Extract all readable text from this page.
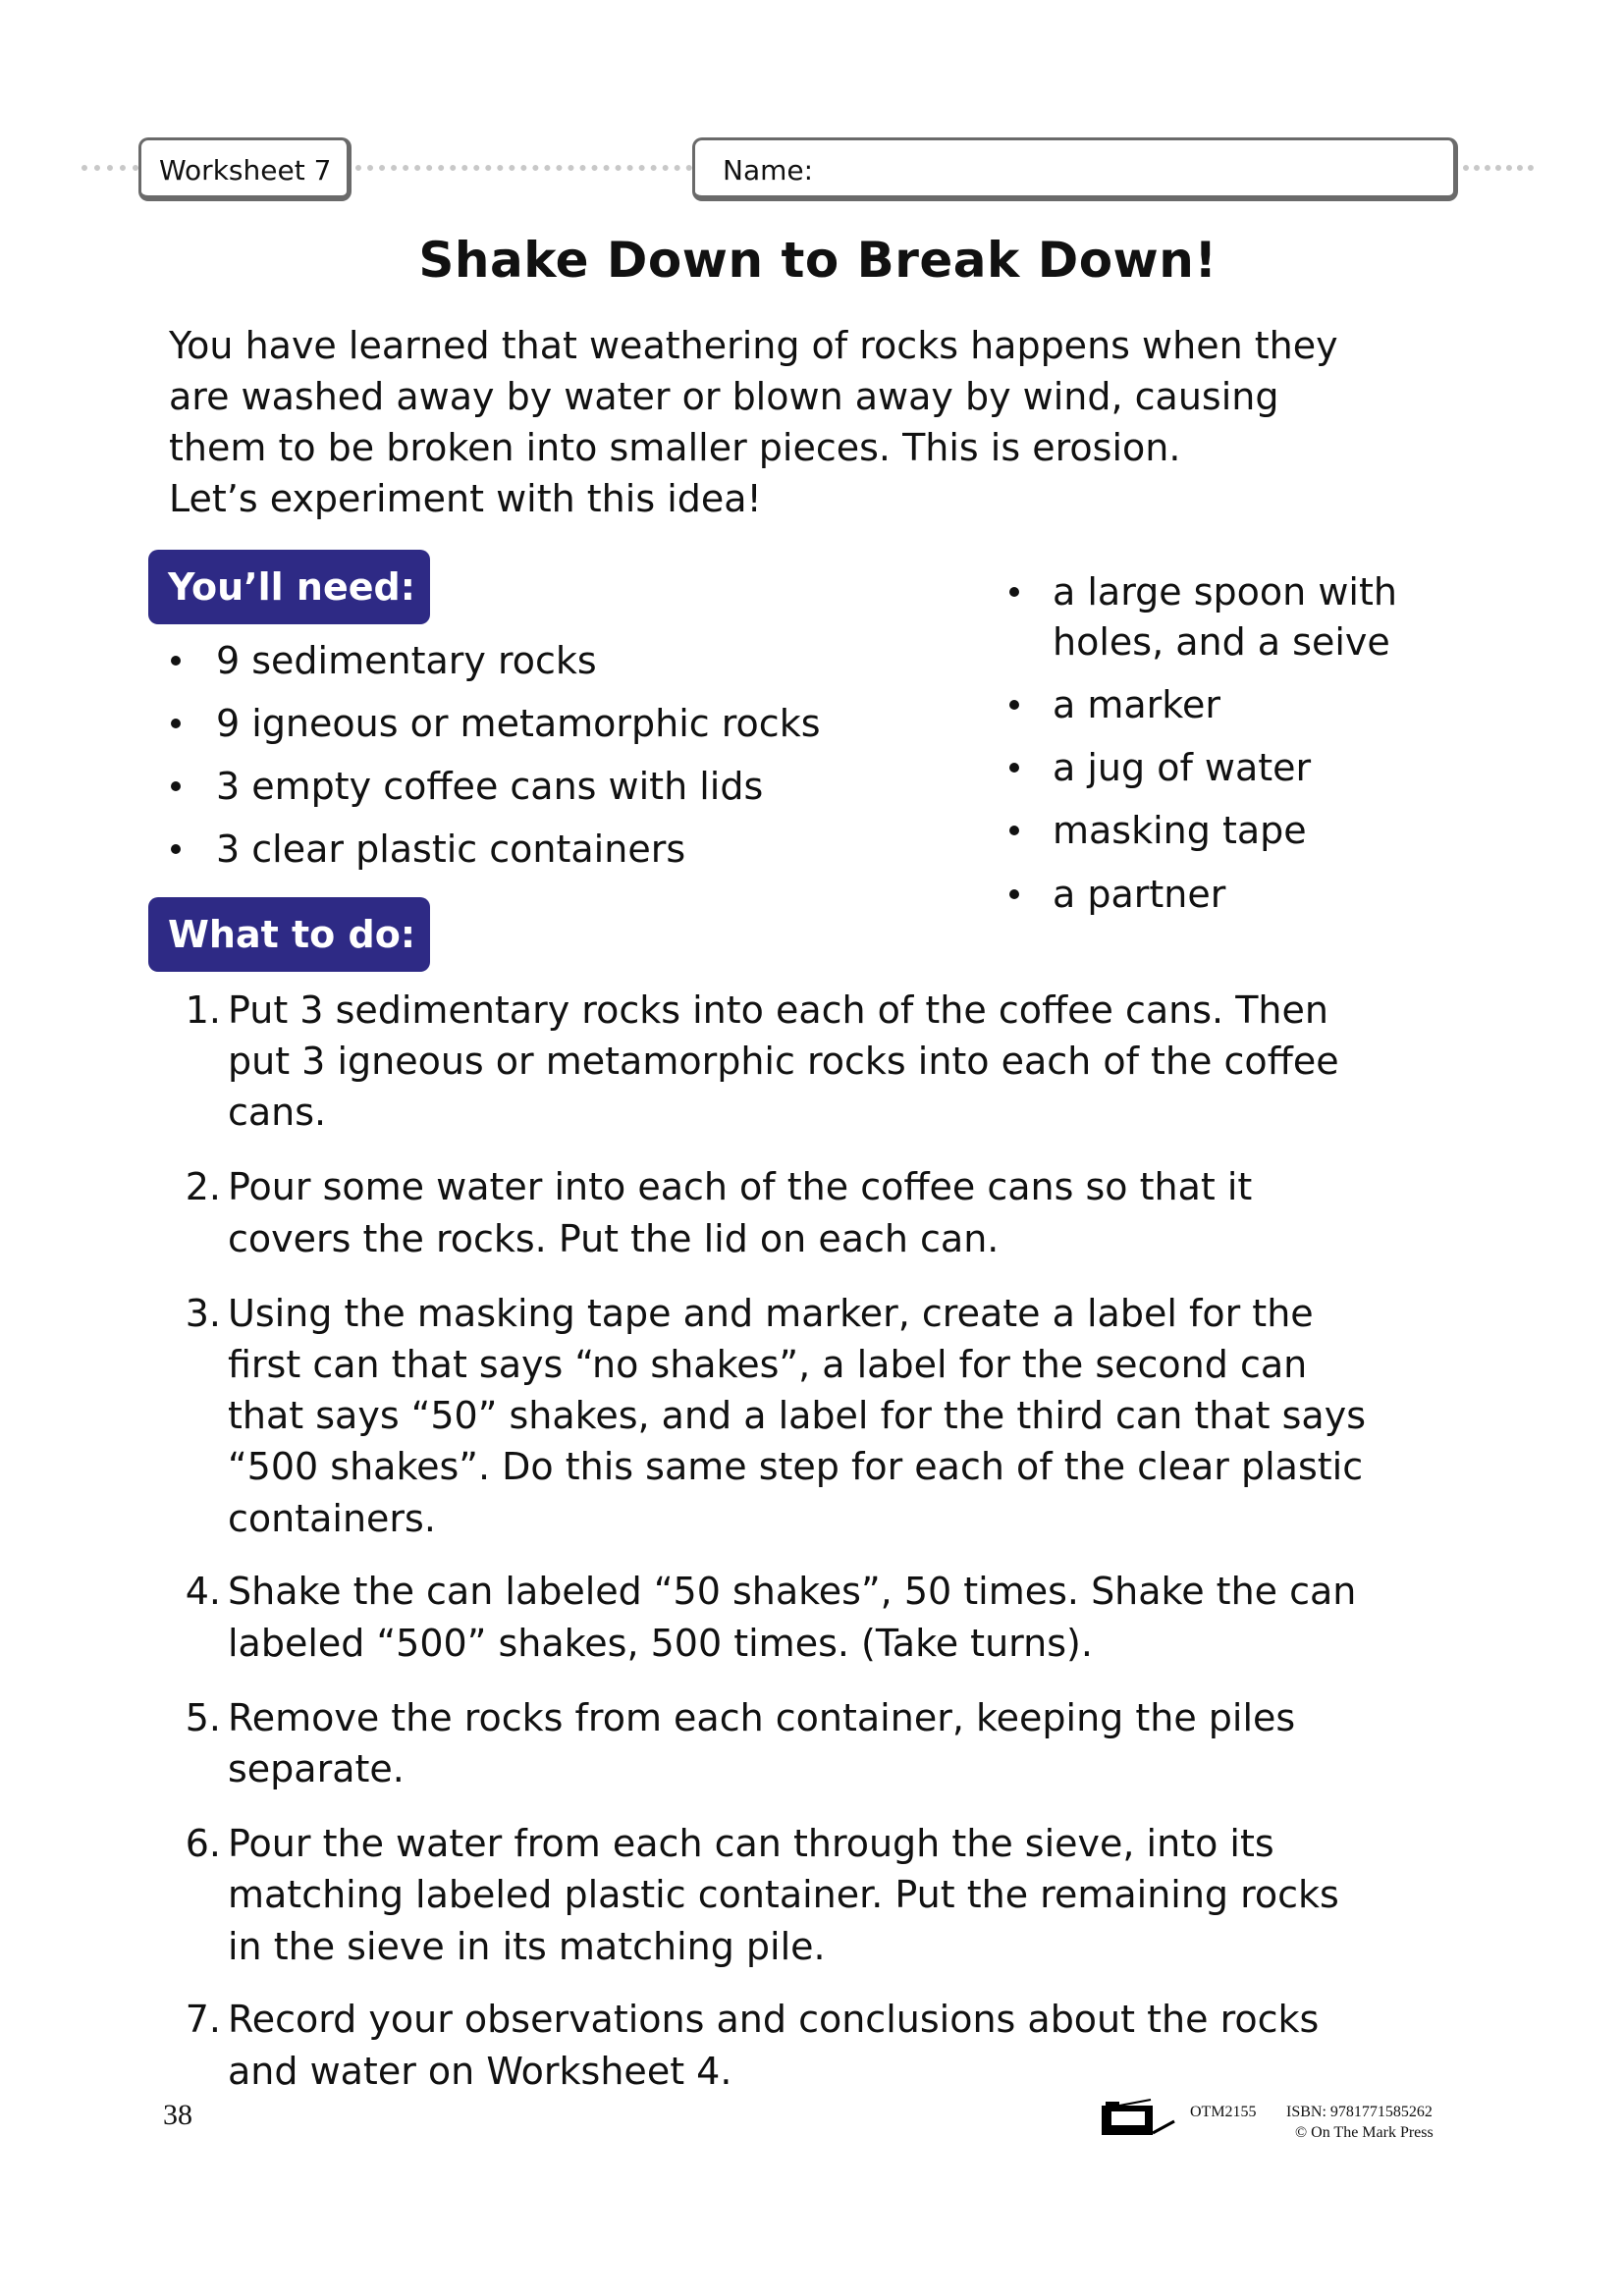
Worksheet 7	Name:
Shake Down to Break Down!
You have learned that weathering of rocks happens when they
are washed away by water or blown away by wind, causing
them to be broken into smaller pieces. This is erosion.
Let’s experiment with this idea!
You’ll need:
9 sedimentary rocks
9 igneous or metamorphic rocks
3 empty coffee cans with lids
3 clear plastic containers
a large spoon with
holes, and a seive
a marker
a jug of water
masking tape
a partner
What to do:
1. Put 3 sedimentary rocks into each of the coffee cans. Then
put 3 igneous or metamorphic rocks into each of the coffee
cans.
2. Pour some water into each of the coffee cans so that it
covers the rocks. Put the lid on each can.
3. Using the masking tape and marker, create a label for the
first can that says “no shakes”, a label for the second can
that says “50” shakes, and a label for the third can that says
“500 shakes”. Do this same step for each of the clear plastic
containers.
4. Shake the can labeled “50 shakes”, 50 times. Shake the can
labeled “500” shakes, 500 times. (Take turns).
5. Remove the rocks from each container, keeping the piles
separate.
6. Pour the water from each can through the sieve, into its
matching labeled plastic container. Put the remaining rocks
in the sieve in its matching pile.
7. Record your observations and conclusions about the rocks
and water on Worksheet 4.
38	OTM2155 ISBN: 9781771585262
© On The Mark Press
